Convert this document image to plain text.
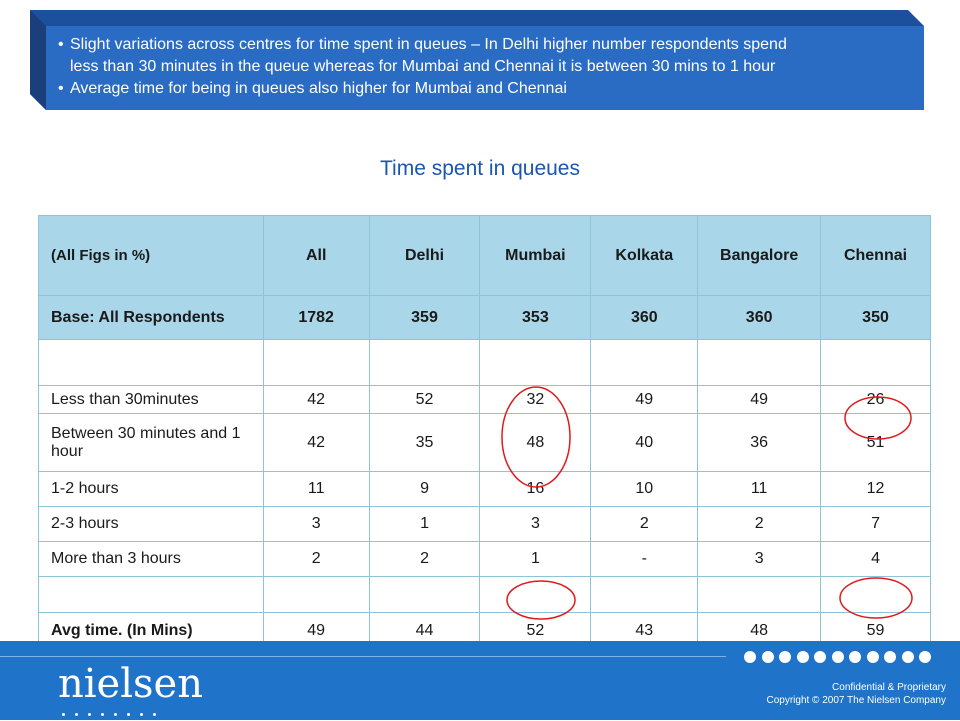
• Slight variations across centres for time spent in queues – In Delhi higher number respondents spend
less than 30 minutes in the queue whereas for Mumbai and Chennai it is between 30 mins to 1 hour
• Average time for being in queues also higher for Mumbai and Chennai
Time spent in queues
(All Figs in %)	All	Delhi	Mumbai	Kolkata	Bangalore	Chennai
Base: All Respondents	1782	359	353	360	360	350

Less than 30minutes	42	52	32	49	49	26
Between 30 minutes and 1 hour	42	35	48	40	36	51
1-2 hours	11	9	16	10	11	12
2-3 hours	3	1	3	2	2	7
More than 3 hours	2	2	1	-	3	4

Avg time. (In Mins)	49	44	52	43	48	59
nielsen	Confidential & Proprietary
Copyright © 2007 The Nielsen Company
